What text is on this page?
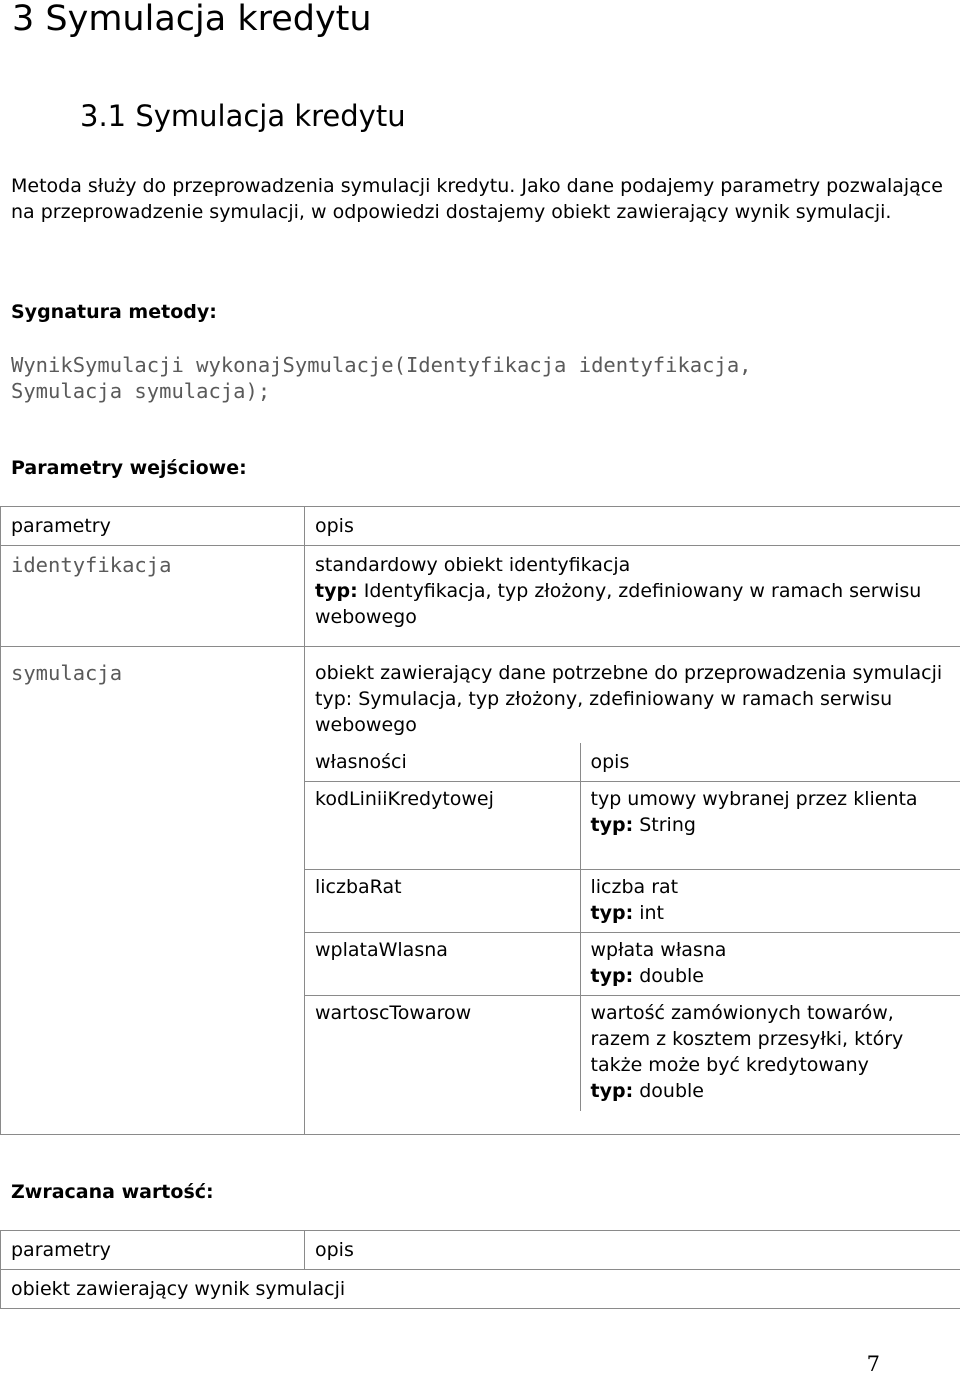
3 Symulacja kredytu
3.1 Symulacja kredytu
Metoda służy do przeprowadzenia symulacji kredytu. Jako dane podajemy parametry pozwalające na przeprowadzenie symulacji, w odpowiedzi dostajemy obiekt zawierający wynik symulacji.
Sygnatura metody:
WynikSymulacji wykonajSymulacje(Identyfikacja identyfikacja,
Symulacja symulacja);
Parametry wejściowe:
parametry	opis
identyfikacja	standardowy obiekt identyfikacja
typ: Identyfikacja, typ złożony, zdefiniowany w ramach serwisu webowego

symulacja	obiekt zawierający dane potrzebne do przeprowadzenia symulacji
typ: Symulacja, typ złożony, zdefiniowany w ramach serwisu webowego
własności	opis
kodLiniiKredytowej	typ umowy wybranej przez klienta
typ: String

liczbaRat	liczba rat
typ: int

wplataWlasna	wpłata własna
typ: double

wartoscTowarow	wartość zamówionych towarów, razem z kosztem przesyłki, który także może być kredytowany
typ: double
Zwracana wartość:
parametry	opis
obiekt zawierający wynik symulacji
7
